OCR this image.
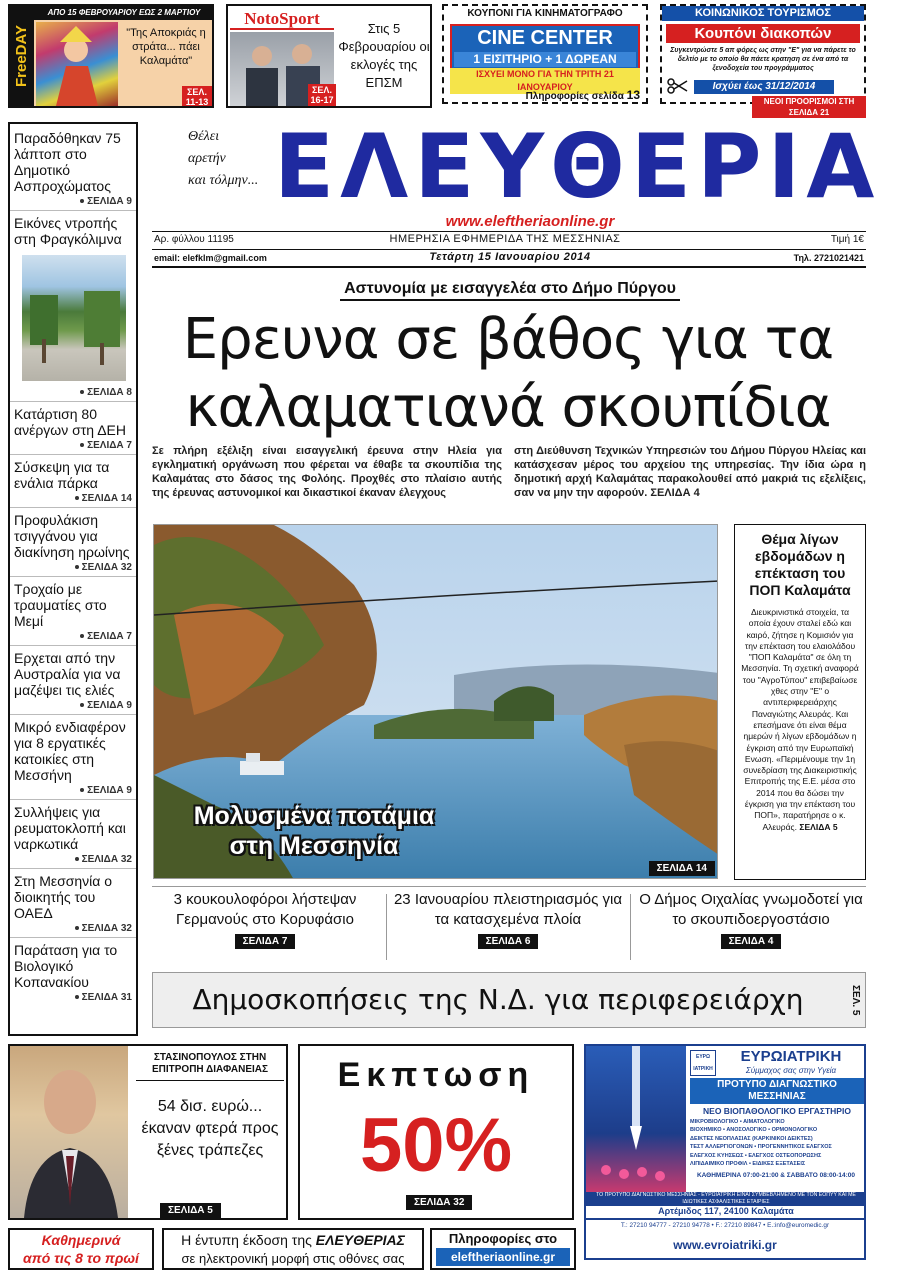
FreeDAY
ΑΠΟ 15 ΦΕΒΡΟΥΑΡΙΟΥ ΕΩΣ 2 ΜΑΡΤΙΟΥ
"Της Αποκριάς η στράτα... πάει Καλαμάτα"
ΣΕΛ. 11-13
NotoSport
Στις 5 Φεβρουαρίου οι εκλογές της ΕΠΣΜ
ΣΕΛ. 16-17
ΚΟΥΠΟΝΙ ΓΙΑ ΚΙΝΗΜΑΤΟΓΡΑΦΟ
CINE CENTER
1 ΕΙΣΙΤΗΡΙΟ + 1 ΔΩΡΕΑΝ
ΙΣΧΥΕΙ ΜΟΝΟ ΓΙΑ ΤΗΝ ΤΡΙΤΗ 21 ΙΑΝΟΥΑΡΙΟΥ
Πληροφορίες σελίδα 13
ΚΟΙΝΩΝΙΚΟΣ ΤΟΥΡΙΣΜΟΣ
Κουπόνι διακοπών
Συγκεντρώστε 5 απ φόρες ως στην "Ε" για να πάρετε το δελτίο με το οποίο θα πάετε κρατηση σε ένα από τα ξενοδοχεία του προγράμματος
Ισχύει έως 31/12/2014
ΝΕΟΙ ΠΡΟΟΡΙΣΜΟΙ ΣΤΗ ΣΕΛΙΔΑ 21
Παραδόθηκαν 75 λάπτοπ στο Δημοτικό Ασπροχώματος
ΣΕΛΙΔΑ 9
Εικόνες ντροπής στη Φραγκόλιμνα
ΣΕΛΙΔΑ 8
Κατάρτιση 80 ανέργων στη ΔΕΗ
ΣΕΛΙΔΑ 7
Σύσκεψη για τα ενάλια πάρκα
ΣΕΛΙΔΑ 14
Προφυλάκιση τσιγγάνου για διακίνηση ηρωίνης
ΣΕΛΙΔΑ 32
Τροχαίο με τραυματίες στο Μεμί
ΣΕΛΙΔΑ 7
Ερχεται από την Αυστραλία για να μαζέψει τις ελιές
ΣΕΛΙΔΑ 9
Μικρό ενδιαφέρον για 8 εργατικές κατοικίες στη Μεσσήνη
ΣΕΛΙΔΑ 9
Συλλήψεις για ρευματοκλοπή και ναρκωτικά
ΣΕΛΙΔΑ 32
Στη Μεσσηνία ο διοικητής του ΟΑΕΔ
ΣΕΛΙΔΑ 32
Παράταση για το Βιολογικό Κοπανακίου
ΣΕΛΙΔΑ 31
Θέλει
αρετήν
και τόλμην... ΕΛΕΥΘΕΡΙΑ
www.eleftheriaonline.gr
Αρ. φύλλου 11195	ΗΜΕΡΗΣΙΑ ΕΦΗΜΕΡΙΔΑ ΤΗΣ ΜΕΣΣΗΝΙΑΣ	Τιμή 1€
email: elefklm@gmail.com	Τετάρτη 15 Ιανουαρίου 2014	Τηλ. 2721021421
Αστυνομία με εισαγγελέα στο Δήμο Πύργου
Ερευνα σε βάθος για τα
καλαματιανά σκουπίδια
Σε πλήρη εξέλιξη είναι εισαγγελική έρευνα στην Ηλεία για εγκληματική οργάνωση που φέρεται να έθαβε τα σκουπίδια της Καλαμάτας στο δάσος της Φολόης. Προχθές στο πλαίσιο αυτής της έρευνας αστυνομικοί και δικαστικοί έκαναν έλεγχους
στη Διεύθυνση Τεχνικών Υπηρεσιών του Δήμου Πύργου Ηλείας και κατάσχεσαν μέρος του αρχείου της υπηρεσίας. Την ίδια ώρα η δημοτική αρχή Καλαμάτας παρακολουθεί από μακριά τις εξελίξεις, σαν να μην την αφορούν. ΣΕΛΙΔΑ 4
Μολυσμένα ποτάμια
στη Μεσσηνία
ΣΕΛΙΔΑ 14
Θέμα λίγων εβδομάδων η επέκταση του ΠΟΠ Καλαμάτα
Διευκρινιστικά στοιχεία, τα οποία έχουν σταλεί εδώ και καιρό, ζήτησε η Κομισιόν για την επέκταση του ελαιολάδου "ΠΟΠ Καλαμάτα" σε όλη τη Μεσσηνία. Τη σχετική αναφορά του "ΑγροΤύπου" επιβεβαίωσε χθες στην "Ε" ο αντιπεριφερειάρχης Παναγιώτης Αλευράς. Και επεσήμανε ότι είναι θέμα ημερών ή λίγων εβδομάδων η έγκριση από την Ευρωπαϊκή Ενωση. «Περιμένουμε την 1η συνεδρίαση της Διακειριστικής Επιτροπής της Ε.Ε. μέσα στο 2014 που θα δώσει την έγκριση για την επέκταση του ΠΟΠ», παρατήρησε ο κ. Αλευράς. ΣΕΛΙΔΑ 5
3 κουκουλοφόροι λήστεψαν Γερμανούς στο Κορυφάσιο
ΣΕΛΙΔΑ 7
23 Ιανουαρίου πλειστηριασμός για τα κατασχεμένα πλοία
ΣΕΛΙΔΑ 6
Ο Δήμος Οιχαλίας γνωμοδοτεί για το σκουπιδοεργοστάσιο
ΣΕΛΙΔΑ 4
Δημοσκοπήσεις της Ν.Δ. για περιφερειάρχη	ΣΕΛ. 5
ΣΤΑΣΙΝΟΠΟΥΛΟΣ ΣΤΗΝ ΕΠΙΤΡΟΠΗ ΔΙΑΦΑΝΕΙΑΣ
54 δισ. ευρώ... έκαναν φτερά προς ξένες τράπεζες
ΣΕΛΙΔΑ 5
Εκπτωση
50%
ΣΕΛΙΔΑ 32
ΕΥΡΩ ΙΑΤΡΙΚΗ
ΕΥΡΩΙΑΤΡΙΚΗ
Σύμμαχος σας στην Υγεία
ΠΡΟΤΥΠΟ ΔΙΑΓΝΩΣΤΙΚΟ
ΜΕΣΣΗΝΙΑΣ
ΝΕΟ ΒΙΟΠΑΘΟΛΟΓΙΚΟ ΕΡΓΑΣΤΗΡΙΟ
ΜΙΚΡΟΒΙΟΛΟΓΙΚΟ • ΑΙΜΑΤΟΛΟΓΙΚΟ
ΒΙΟΧΗΜΙΚΟ • ΑΝΟΣΟΛΟΓΙΚΟ • ΟΡΜΟΝΟΛΟΓΙΚΟ
ΔΕΙΚΤΕΣ ΝΕΟΠΛΑΣΙΑΣ (ΚΑΡΚΙΝΙΚΟΙ ΔΕΙΚΤΕΣ)
ΤΕΣΤ ΑΛΛΕΡΓΙΟΓΟΝΩΝ • ΠΡΟΓΕΝΝΗΤΙΚΟΣ ΕΛΕΓΧΟΣ
ΕΛΕΓΧΟΣ ΚΥΗΣΕΩΣ • ΕΛΕΓΧΟΣ ΟΣΤΕΟΠΟΡΩΣΗΣ
ΛΙΠΙΔΑΙΜΙΚΟ ΠΡΟΦΙΛ • ΕΙΔΙΚΕΣ ΕΞΕΤΑΣΕΙΣ
ΚΑΘΗΜΕΡΙΝΑ 07:00-21:00 & ΣΑΒΒΑΤΟ 08:00-14:00
ΤΟ ΠΡΟΤΥΠΟ ΔΙΑΓΝΩΣΤΙΚΟ ΜΕΣΣΗΝΙΑΣ - ΕΥΡΩΙΑΤΡΙΚΗ ΕΙΝΑΙ ΣΥΜΒΕΒΛΗΜΕΝΟ ΜΕ ΤΟΝ ΕΟΠΥΥ ΚΑΙ ΜΕ ΙΔΙΩΤΙΚΕΣ ΑΣΦΑΛΙΣΤΙΚΕΣ ΕΤΑΙΡΙΕΣ
Αρτέμιδος 117, 24100 Καλαμάτα
Τ.: 27210 94777 - 27210 94778 • F.: 27210 89847 • E.:info@euromedic.gr
www.evroiatriki.gr
Καθημερινά
από τις 8 το πρωί
Η έντυπη έκδοση της ΕΛΕΥΘΕΡΙΑΣ
σε ηλεκτρονική μορφή στις οθόνες σας
Πληροφορίες στο
eleftheriaonline.gr
